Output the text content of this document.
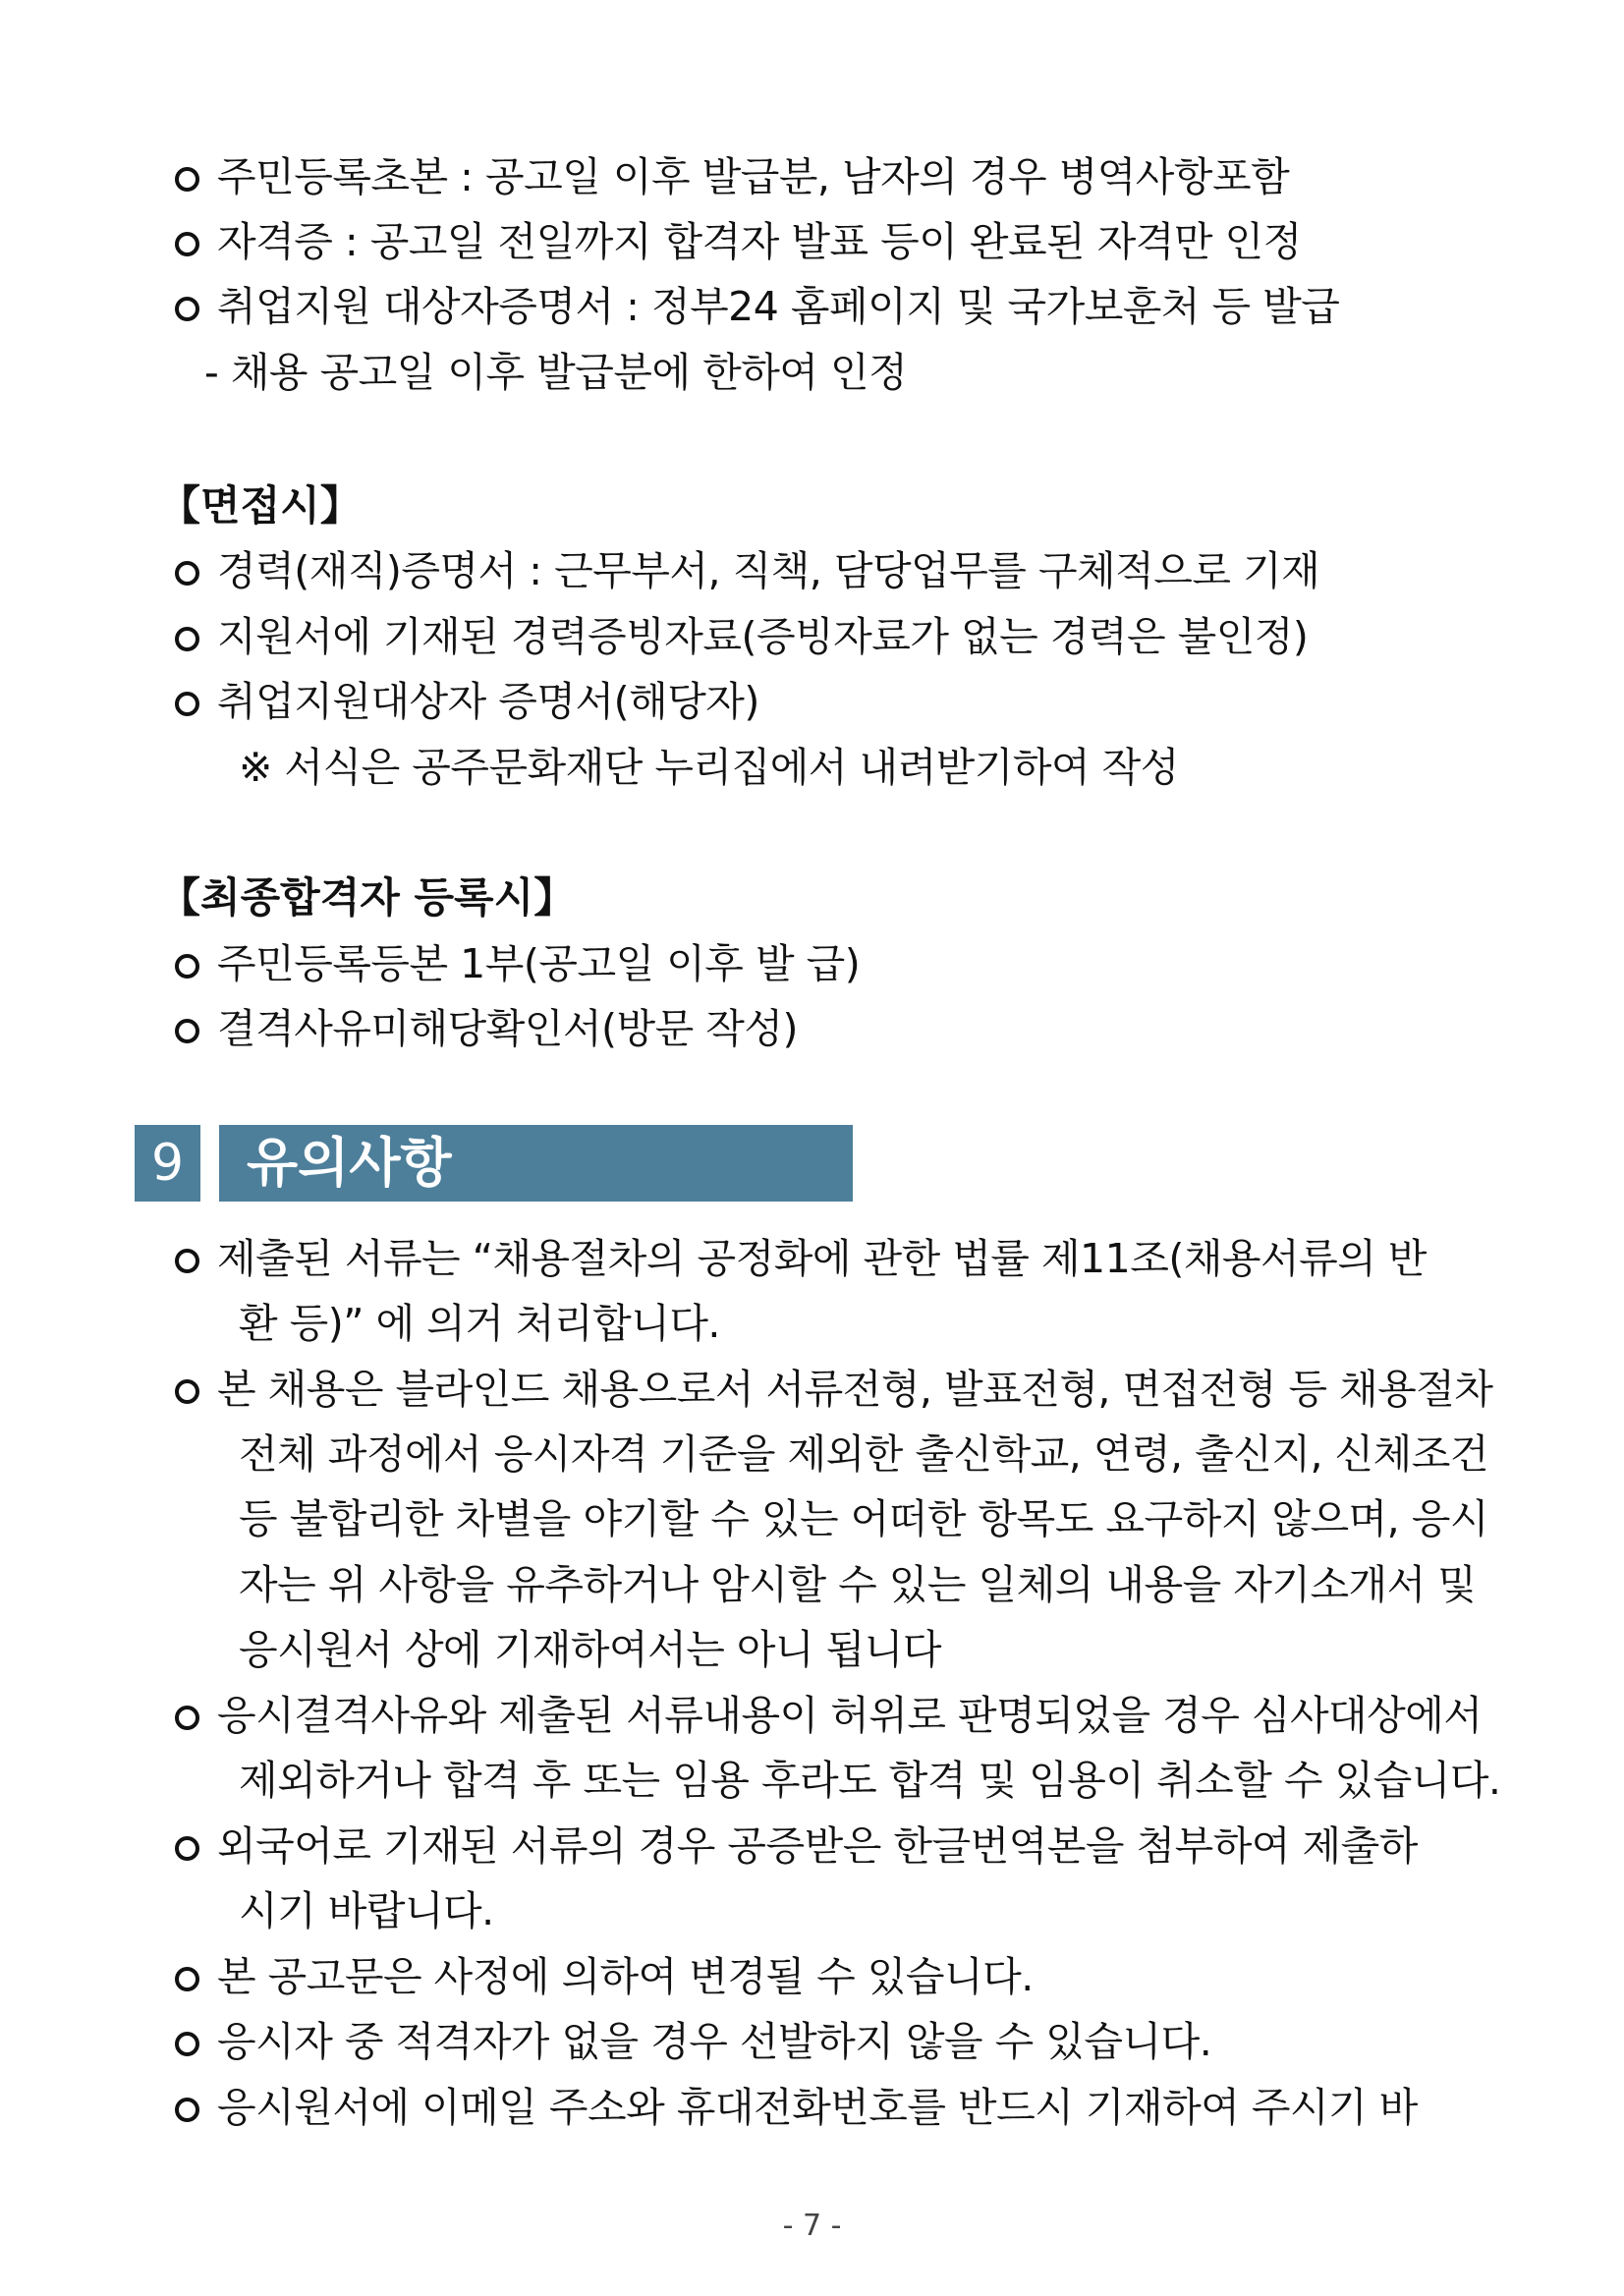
주민등록초본 : 공고일 이후 발급분, 남자의 경우 병역사항포함
자격증 : 공고일 전일까지 합격자 발표 등이 완료된 자격만 인정
취업지원 대상자증명서 : 정부24 홈페이지 및 국가보훈처 등 발급
- 채용 공고일 이후 발급분에 한하여 인정
【면접시】
경력(재직)증명서 : 근무부서, 직책, 담당업무를 구체적으로 기재
지원서에 기재된 경력증빙자료(증빙자료가 없는 경력은 불인정)
취업지원대상자 증명서(해당자)
※ 서식은 공주문화재단 누리집에서 내려받기하여 작성
【최종합격자 등록시】
주민등록등본 1부(공고일 이후 발 급)
결격사유미해당확인서(방문 작성)
9	유의사항
제출된 서류는 “채용절차의 공정화에 관한 법률 제11조(채용서류의 반
환 등)” 에 의거 처리합니다.
본 채용은 블라인드 채용으로서 서류전형, 발표전형, 면접전형 등 채용절차
전체 과정에서 응시자격 기준을 제외한 출신학교, 연령, 출신지, 신체조건
등 불합리한 차별을 야기할 수 있는 어떠한 항목도 요구하지 않으며, 응시
자는 위 사항을 유추하거나 암시할 수 있는 일체의 내용을 자기소개서 및
응시원서 상에 기재하여서는 아니 됩니다
응시결격사유와 제출된 서류내용이 허위로 판명되었을 경우 심사대상에서
제외하거나 합격 후 또는 임용 후라도 합격 및 임용이 취소할 수 있습니다.
외국어로 기재된 서류의 경우 공증받은 한글번역본을 첨부하여 제출하
시기 바랍니다.
본 공고문은 사정에 의하여 변경될 수 있습니다.
응시자 중 적격자가 없을 경우 선발하지 않을 수 있습니다.
응시원서에 이메일 주소와 휴대전화번호를 반드시 기재하여 주시기 바
- 7 -
